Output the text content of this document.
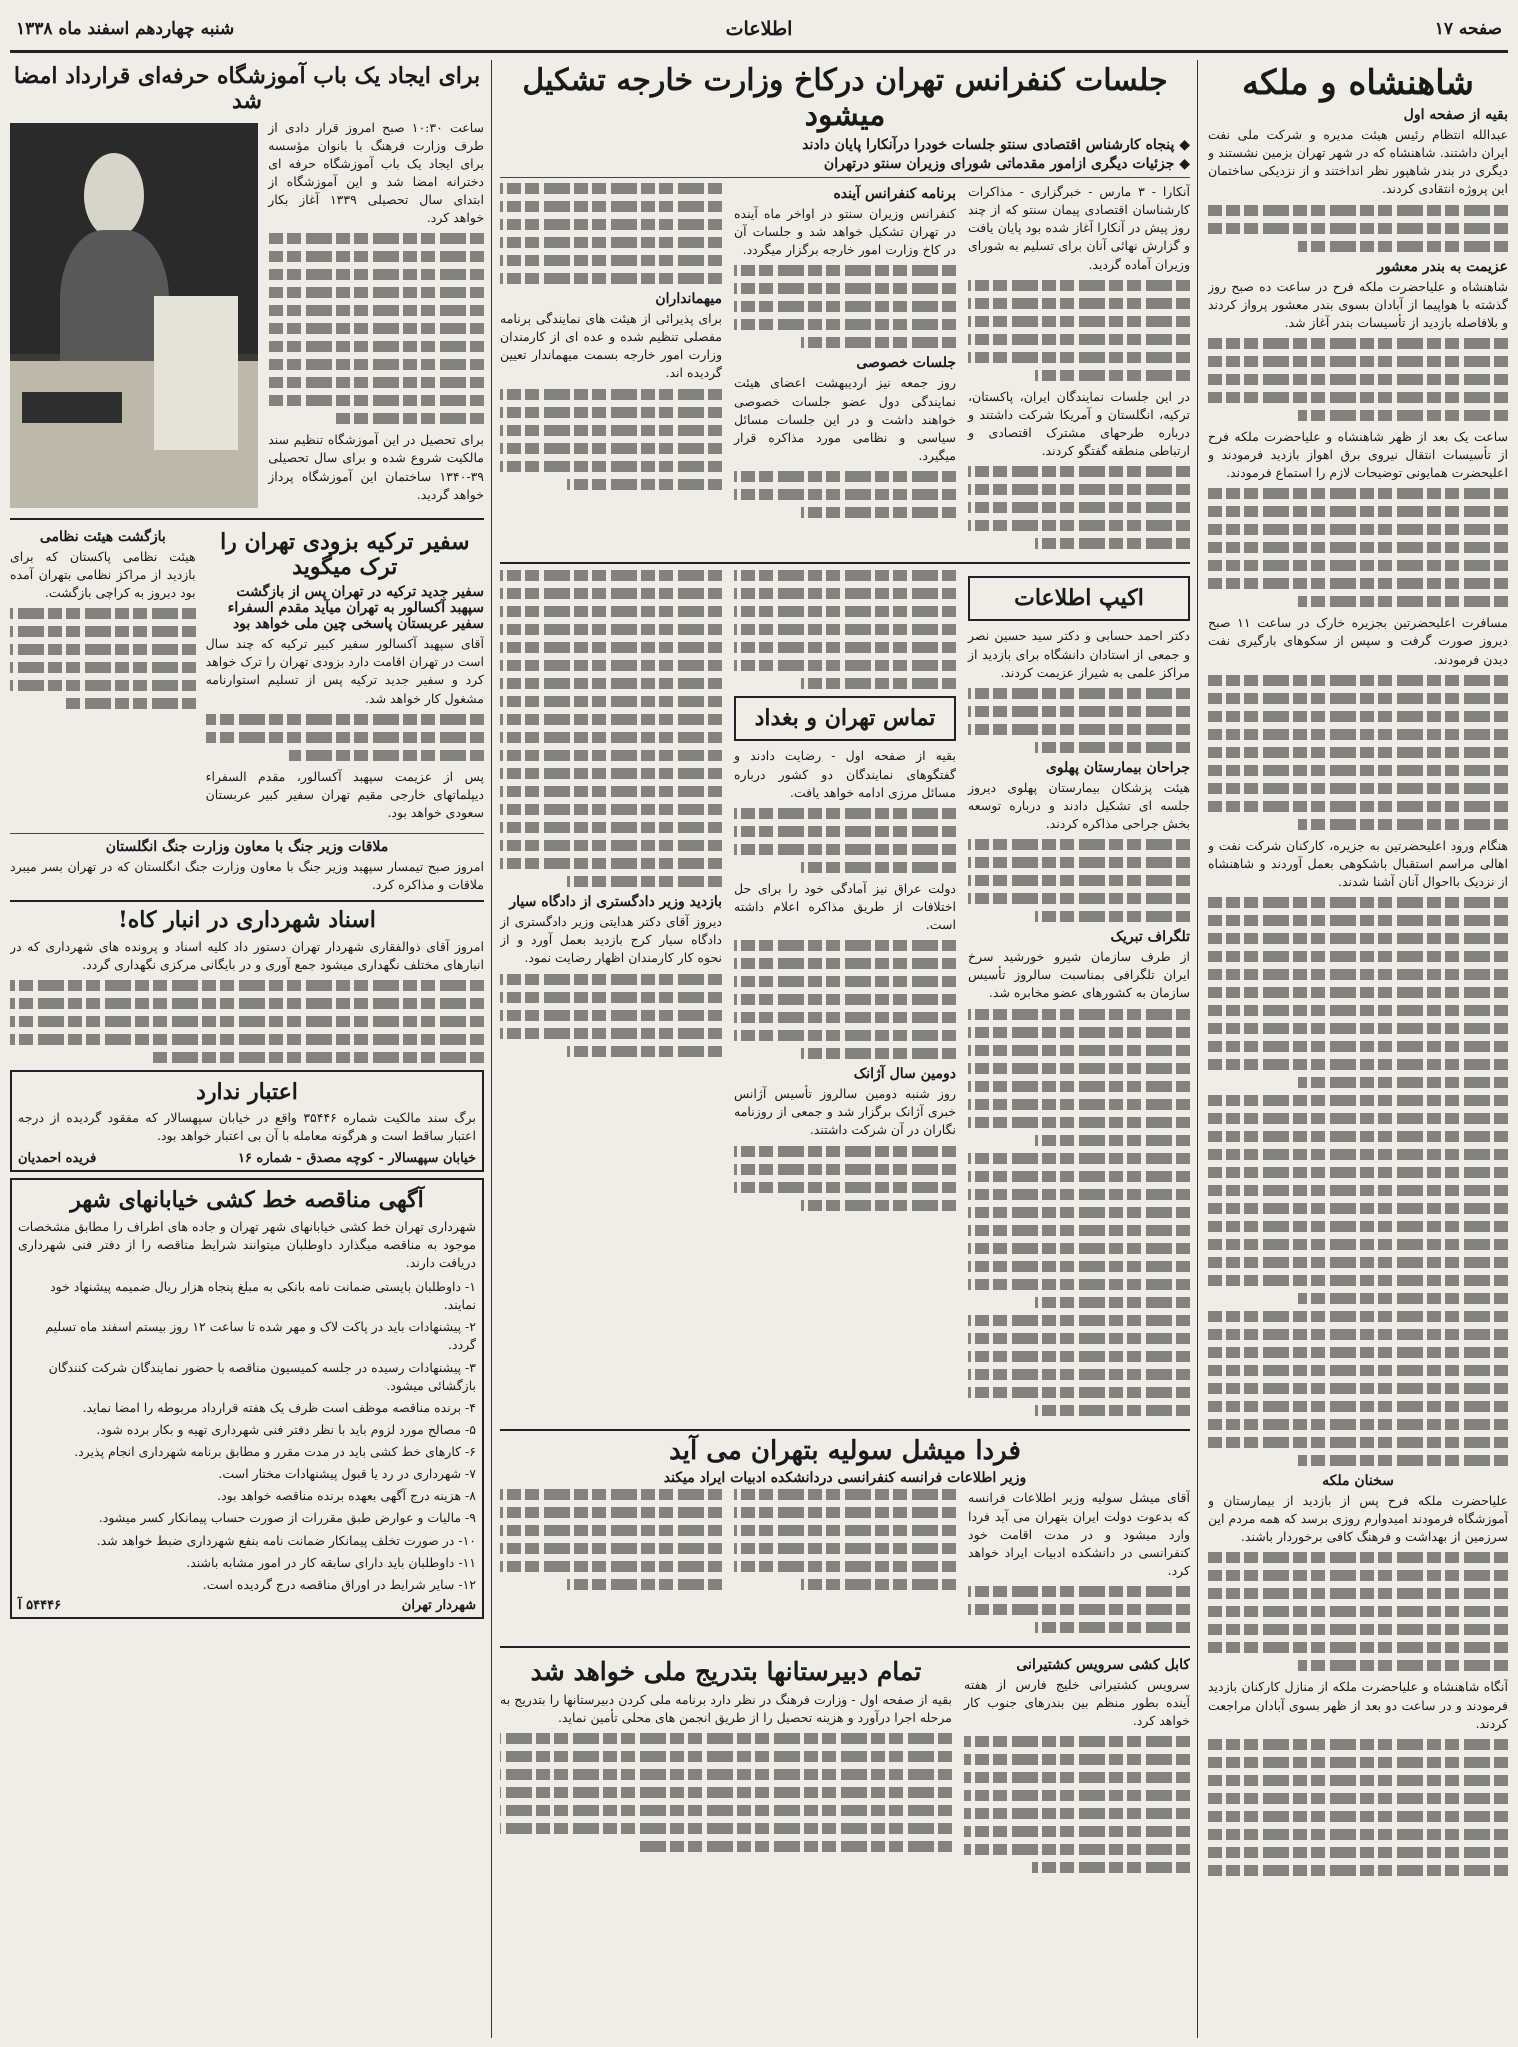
صفحه ۱۷
اطلاعات
شنبه چهاردهم اسفند ماه ۱۳۳۸
شاهنشاه و ملکه
بقیه از صفحه اول

عبدالله انتظام رئیس هیئت مدیره و شرکت ملی نفت ایران داشتند. شاهنشاه که در شهر تهران بزمین نشستند و دیگری در بندر شاهپور نظر انداختند و از نزدیکی ساختمان این پروژه انتقادی کردند.

عزیمت به بندر معشور

شاهنشاه و علیاحضرت ملکه فرح در ساعت ده صبح روز گذشته با هواپیما از آبادان بسوی بندر معشور پرواز کردند و بلافاصله بازدید از تأسیسات بندر آغاز شد.

ساعت یک بعد از ظهر شاهنشاه و علیاحضرت ملکه فرح از تأسیسات انتقال نیروی برق اهواز بازدید فرمودند و اعلیحضرت همایونی توضیحات لازم را استماع فرمودند.

مسافرت اعلیحضرتین بجزیره خارک در ساعت ۱۱ صبح دیروز صورت گرفت و سپس از سکوهای بارگیری نفت دیدن فرمودند.

هنگام ورود اعلیحضرتین به جزیره، کارکنان شرکت نفت و اهالی مراسم استقبال باشکوهی بعمل آوردند و شاهنشاه از نزدیک بااحوال آنان آشنا شدند.

سخنان ملکه

علیاحضرت ملکه فرح پس از بازدید از بیمارستان و آموزشگاه فرمودند امیدوارم روزی برسد که همه مردم این سرزمین از بهداشت و فرهنگ کافی برخوردار باشند.

آنگاه شاهنشاه و علیاحضرت ملکه از منازل کارکنان بازدید فرمودند و در ساعت دو بعد از ظهر بسوی آبادان مراجعت کردند.

جلسات کنفرانس تهران درکاخ وزارت خارجه تشکیل میشود
◆ پنجاه کارشناس اقتصادی سنتو جلسات خودرا درآنکارا پایان دادند
◆ جزئیات دیگری ازامور مقدماتی شورای وزیران سنتو درتهران

آنکارا - ۳ مارس - خبرگزاری - مذاکرات کارشناسان اقتصادی پیمان سنتو که از چند روز پیش در آنکارا آغاز شده بود پایان یافت و گزارش نهائی آنان برای تسلیم به شورای وزیران آماده گردید.

در این جلسات نمایندگان ایران، پاکستان، ترکیه، انگلستان و آمریکا شرکت داشتند و درباره طرحهای مشترک اقتصادی و ارتباطی منطقه گفتگو کردند.

برنامه کنفرانس آینده

کنفرانس وزیران سنتو در اواخر ماه آینده در تهران تشکیل خواهد شد و جلسات آن در کاخ وزارت امور خارجه برگزار میگردد.

جلسات خصوصی

روز جمعه نیز اردیبهشت اعضای هیئت نمایندگی دول عضو جلسات خصوصی خواهند داشت و در این جلسات مسائل سیاسی و نظامی مورد مذاکره قرار میگیرد.

میهمانداران

برای پذیرائی از هیئت های نمایندگی برنامه مفصلی تنظیم شده و عده ای از کارمندان وزارت امور خارجه بسمت میهماندار تعیین گردیده اند.

اکیپ اطلاعات

دکتر احمد حسابی و دکتر سید حسین نصر و جمعی از استادان دانشگاه برای بازدید از مراکز علمی به شیراز عزیمت کردند.

جراحان بیمارستان پهلوی

هیئت پزشکان بیمارستان پهلوی دیروز جلسه ای تشکیل دادند و درباره توسعه بخش جراحی مذاکره کردند.

تلگراف تبریک

از طرف سازمان شیرو خورشید سرخ ایران تلگرافی بمناسبت سالروز تأسیس سازمان به کشورهای عضو مخابره شد.

تماس تهران و بغداد

بقیه از صفحه اول - رضایت دادند و گفتگوهای نمایندگان دو کشور درباره مسائل مرزی ادامه خواهد یافت.

دولت عراق نیز آمادگی خود را برای حل اختلافات از طریق مذاکره اعلام داشته است.

دومین سال آژانک

روز شنبه دومین سالروز تأسیس آژانس خبری آژانک برگزار شد و جمعی از روزنامه نگاران در آن شرکت داشتند.

بازدید وزیر دادگستری از دادگاه سیار

دیروز آقای دکتر هدایتی وزیر دادگستری از دادگاه سیار کرج بازدید بعمل آورد و از نحوه کار کارمندان اظهار رضایت نمود.

فردا میشل سولیه بتهران می آید
وزیر اطلاعات فرانسه کنفرانسی دردانشکده ادبیات ایراد میکند

آقای میشل سولیه وزیر اطلاعات فرانسه که بدعوت دولت ایران بتهران می آید فردا وارد میشود و در مدت اقامت خود کنفرانسی در دانشکده ادبیات ایراد خواهد کرد.

کابل کشی سرویس کشتیرانی

سرویس کشتیرانی خلیج فارس از هفته آینده بطور منظم بین بندرهای جنوب کار خواهد کرد.

تمام دبیرستانها بتدریج ملی خواهد شد

بقیه از صفحه اول - وزارت فرهنگ در نظر دارد برنامه ملی کردن دبیرستانها را بتدریج به مرحله اجرا درآورد و هزینه تحصیل را از طریق انجمن های محلی تأمین نماید.

برای ایجاد یک باب آموزشگاه حرفه‌ای قرارداد امضا شد

ساعت ۱۰:۳۰ صبح امروز قرار دادی از طرف وزارت فرهنگ با بانوان مؤسسه برای ایجاد یک باب آموزشگاه حرفه ای دخترانه امضا شد و این آموزشگاه از ابتدای سال تحصیلی ۱۳۳۹ آغاز بکار خواهد کرد.

برای تحصیل در این آموزشگاه تنظیم سند مالکیت شروع شده و برای سال تحصیلی ۳۹-۱۳۴۰ ساختمان این آموزشگاه پرداز خواهد گردید.

سفیر ترکیه بزودی تهران را ترک میگوید
سفیر جدید ترکیه در تهران پس از بازگشت سپهبد آکسالور به تهران میآید مقدم السفراء سفیر عربستان پاسخی چین ملی خواهد بود

آقای سپهبد آکسالور سفیر کبیر ترکیه که چند سال است در تهران اقامت دارد بزودی تهران را ترک خواهد کرد و سفیر جدید ترکیه پس از تسلیم استوارنامه مشغول کار خواهد شد.

پس از عزیمت سپهبد آکسالور، مقدم السفراء دیپلماتهای خارجی مقیم تهران سفیر کبیر عربستان سعودی خواهد بود.

بازگشت هیئت نظامی

هیئت نظامی پاکستان که برای بازدید از مراکز نظامی بتهران آمده بود دیروز به کراچی بازگشت.

ملاقات وزیر جنگ با معاون وزارت جنگ انگلستان

امروز صبح تیمسار سپهبد وزیر جنگ با معاون وزارت جنگ انگلستان که در تهران بسر میبرد ملاقات و مذاکره کرد.

اسناد شهرداری در انبار کاه!

امروز آقای ذوالفقاری شهردار تهران دستور داد کلیه اسناد و پرونده های شهرداری که در انبارهای مختلف نگهداری میشود جمع آوری و در بایگانی مرکزی نگهداری گردد.

اعتبار ندارد

برگ سند مالکیت شماره ۳۵۴۴۶ واقع در خیابان سپهسالار که مفقود گردیده از درجه اعتبار ساقط است و هرگونه معامله با آن بی اعتبار خواهد بود.

خیابان سپهسالار - کوچه مصدق - شماره ۱۶
فریده احمدیان
آگهی مناقصه خط کشی خیابانهای شهر

شهرداری تهران خط کشی خیابانهای شهر تهران و جاده های اطراف را مطابق مشخصات موجود به مناقصه میگذارد داوطلبان میتوانند شرایط مناقصه را از دفتر فنی شهرداری دریافت دارند.

۱- داوطلبان بایستی ضمانت نامه بانکی به مبلغ پنجاه هزار ریال ضمیمه پیشنهاد خود نمایند.
۲- پیشنهادات باید در پاکت لاک و مهر شده تا ساعت ۱۲ روز بیستم اسفند ماه تسلیم گردد.
۳- پیشنهادات رسیده در جلسه کمیسیون مناقصه با حضور نمایندگان شرکت کنندگان بازگشائی میشود.
۴- برنده مناقصه موظف است ظرف یک هفته قرارداد مربوطه را امضا نماید.
۵- مصالح مورد لزوم باید با نظر دفتر فنی شهرداری تهیه و بکار برده شود.
۶- کارهای خط کشی باید در مدت مقرر و مطابق برنامه شهرداری انجام پذیرد.
۷- شهرداری در رد یا قبول پیشنهادات مختار است.
۸- هزینه درج آگهی بعهده برنده مناقصه خواهد بود.
۹- مالیات و عوارض طبق مقررات از صورت حساب پیمانکار کسر میشود.
۱۰- در صورت تخلف پیمانکار ضمانت نامه بنفع شهرداری ضبط خواهد شد.
۱۱- داوطلبان باید دارای سابقه کار در امور مشابه باشند.
۱۲- سایر شرایط در اوراق مناقصه درج گردیده است.
شهردار تهران
۵۴۴۴۶ آ
